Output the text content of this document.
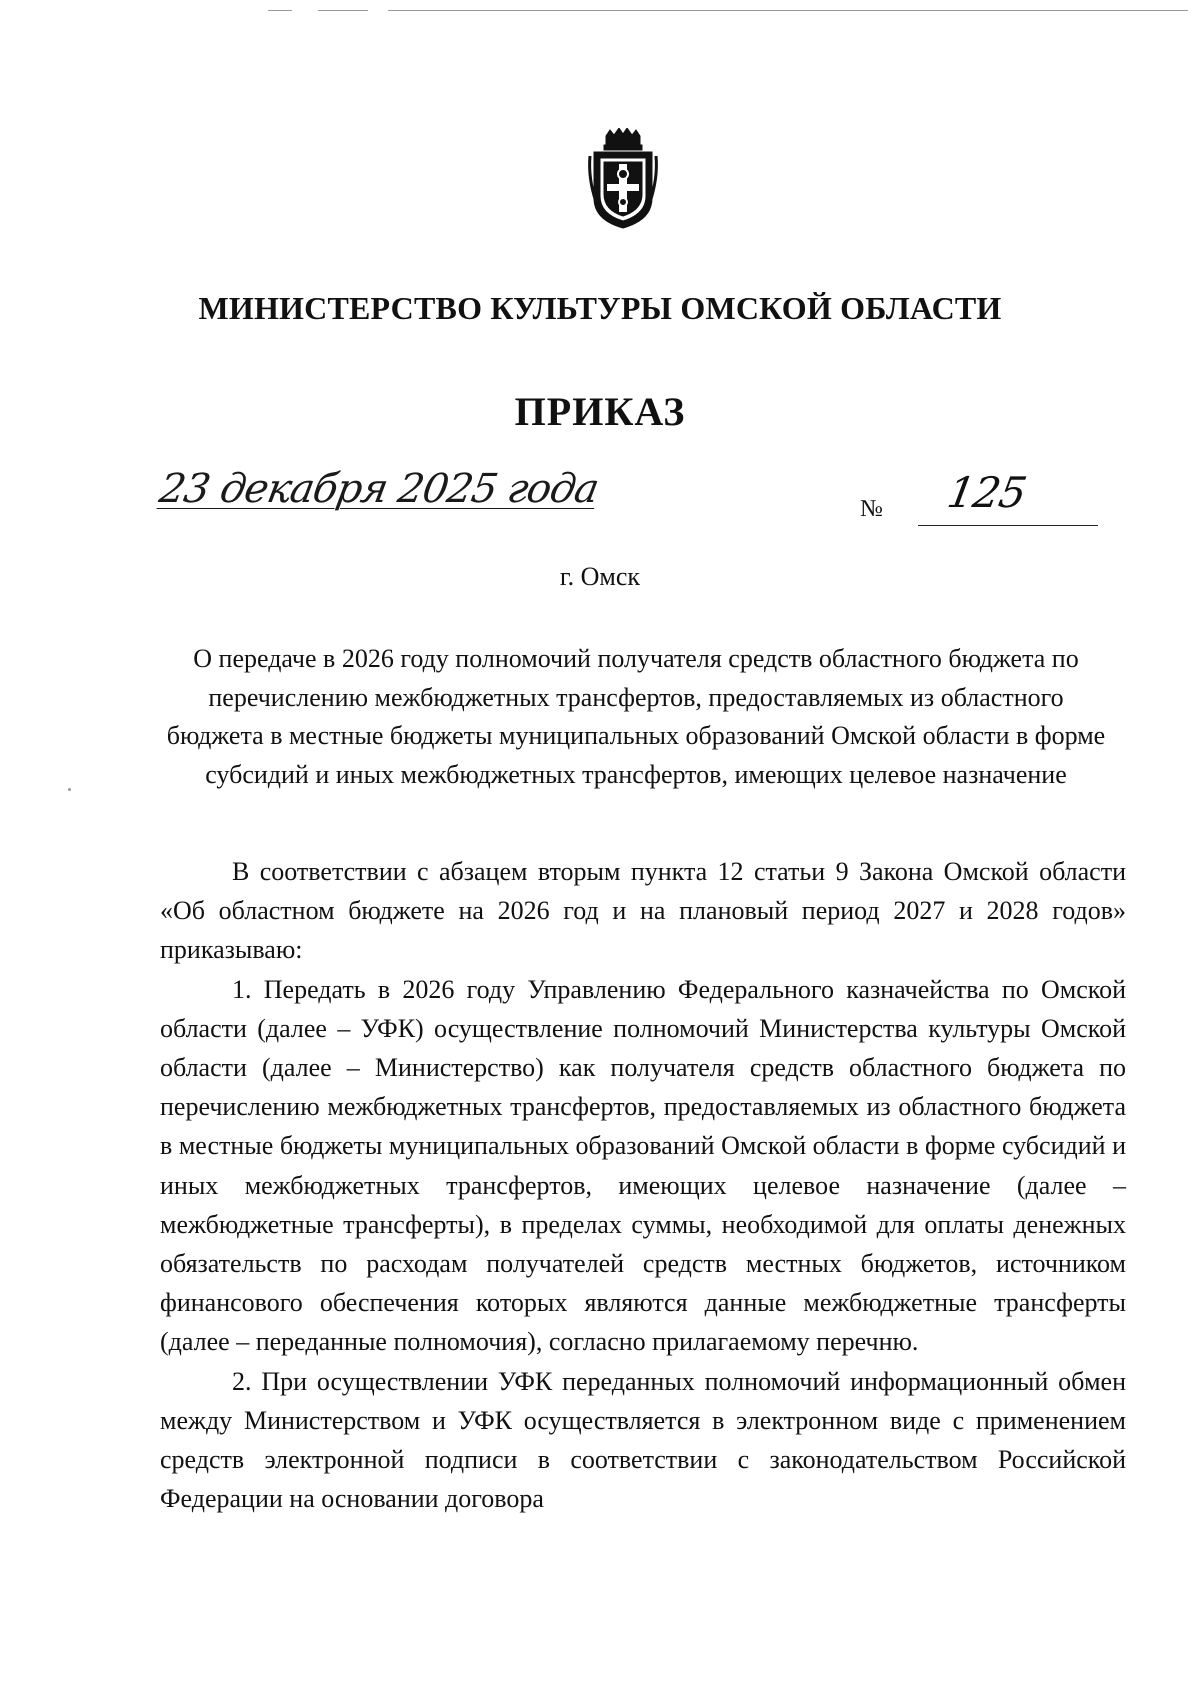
МИНИСТЕРСТВО КУЛЬТУРЫ ОМСКОЙ ОБЛАСТИ
ПРИКАЗ
23 декабря 2025 года	№ 125
г. Омск
О передаче в 2026 году полномочий получателя средств областного бюджета по перечислению межбюджетных трансфертов, предоставляемых из областного бюджета в местные бюджеты муниципальных образований Омской области в форме субсидий и иных межбюджетных трансфертов, имеющих целевое назначение

В соответствии с абзацем вторым пункта 12 статьи 9 Закона Омской области «Об областном бюджете на 2026 год и на плановый период 2027 и 2028 годов» приказываю:

1. Передать в 2026 году Управлению Федерального казначейства по Омской области (далее – УФК) осуществление полномочий Министерства культуры Омской области (далее – Министерство) как получателя средств областного бюджета по перечислению межбюджетных трансфертов, предоставляемых из областного бюджета в местные бюджеты муниципальных образований Омской области в форме субсидий и иных межбюджетных трансфертов, имеющих целевое назначение (далее – межбюджетные трансферты), в пределах суммы, необходимой для оплаты денежных обязательств по расходам получателей средств местных бюджетов, источником финансового обеспечения которых являются данные межбюджетные трансферты (далее – переданные полномочия), согласно прилагаемому перечню.

2. При осуществлении УФК переданных полномочий информационный обмен между Министерством и УФК осуществляется в электронном виде с применением средств электронной подписи в соответствии с законодательством Российской Федерации на основании договора
